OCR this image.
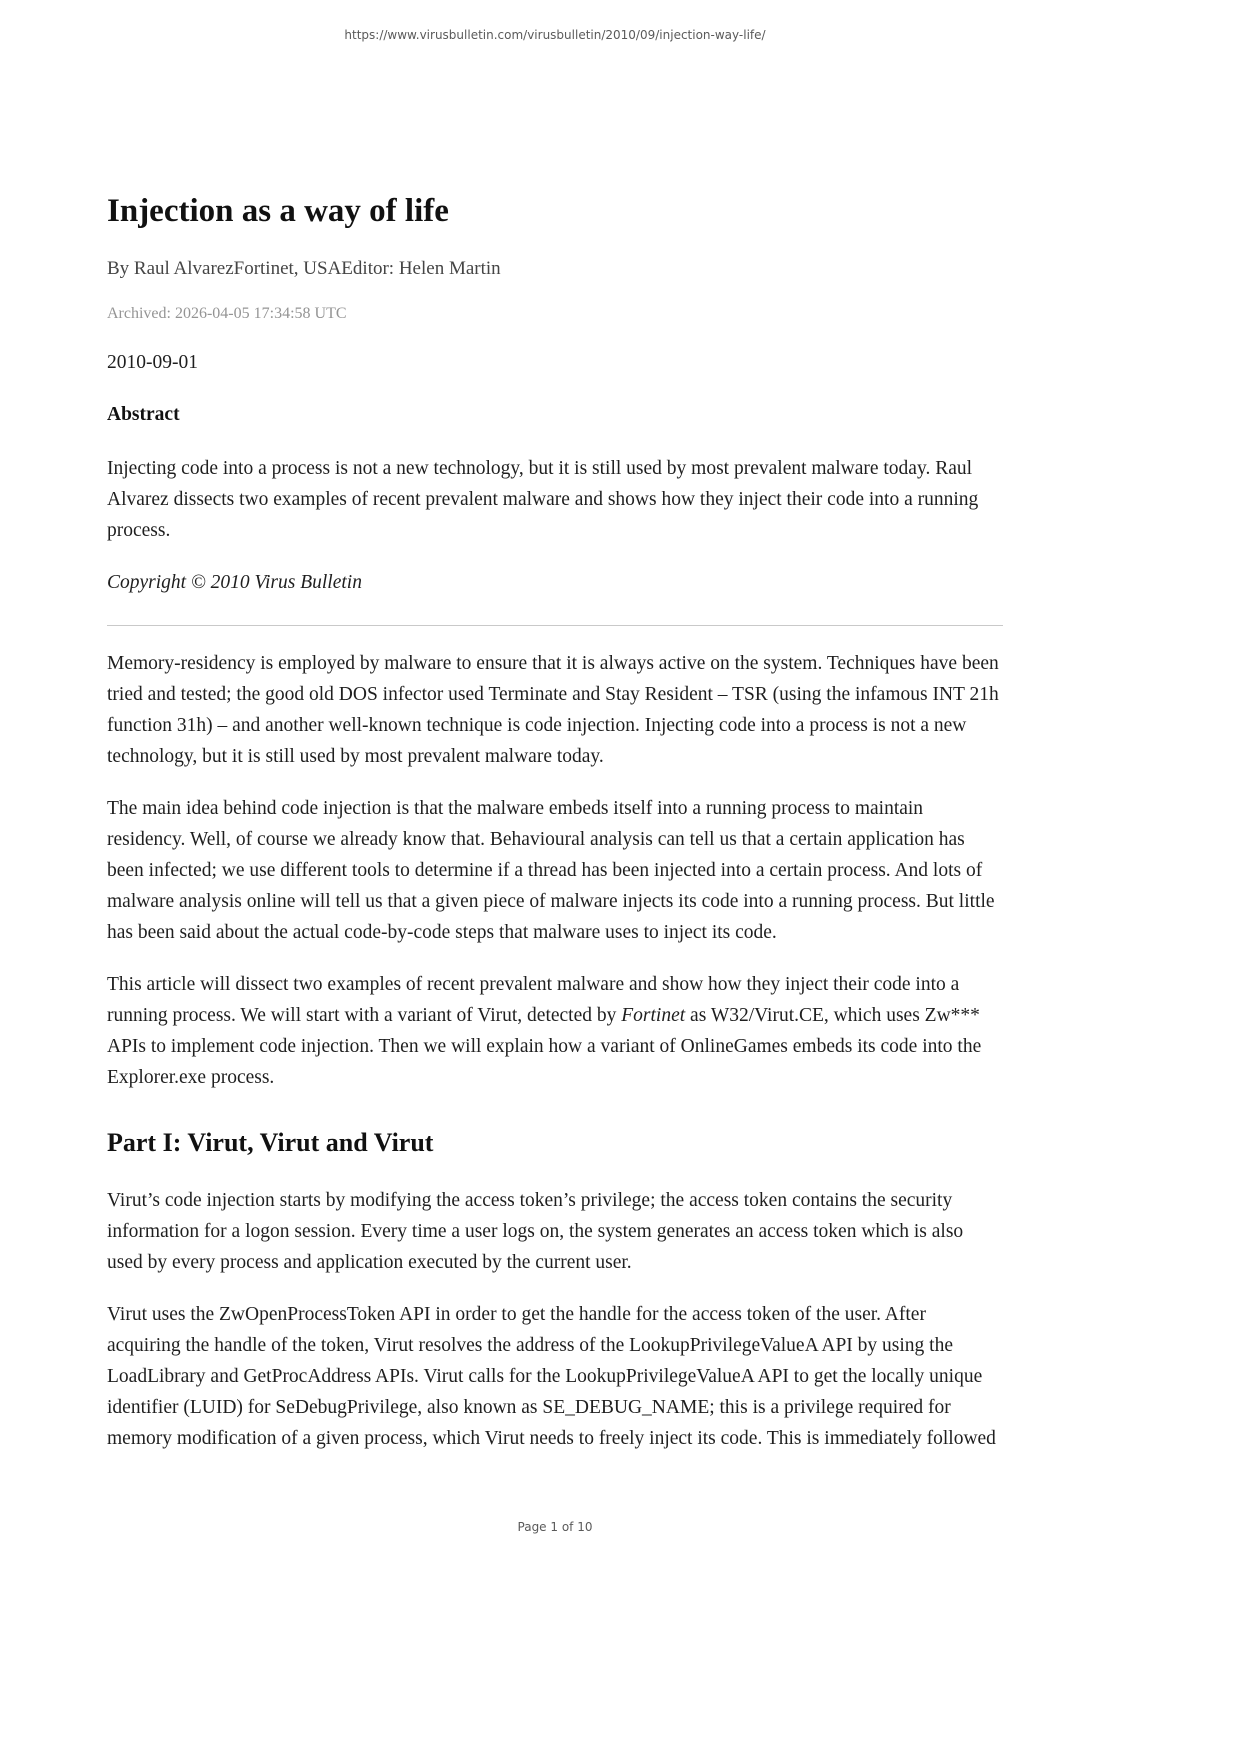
https://www.virusbulletin.com/virusbulletin/2010/09/injection-way-life/
Injection as a way of life
By Raul AlvarezFortinet, USAEditor: Helen Martin
Archived: 2026-04-05 17:34:58 UTC
2010-09-01
Abstract

Injecting code into a process is not a new technology, but it is still used by most prevalent malware today. Raul Alvarez dissects two examples of recent prevalent malware and shows how they inject their code into a running process.

Copyright © 2010 Virus Bulletin

Memory-residency is employed by malware to ensure that it is always active on the system. Techniques have been tried and tested; the good old DOS infector used Terminate and Stay Resident – TSR (using the infamous INT 21h function 31h) – and another well-known technique is code injection. Injecting code into a process is not a new technology, but it is still used by most prevalent malware today.

The main idea behind code injection is that the malware embeds itself into a running process to maintain residency. Well, of course we already know that. Behavioural analysis can tell us that a certain application has been infected; we use different tools to determine if a thread has been injected into a certain process. And lots of malware analysis online will tell us that a given piece of malware injects its code into a running process. But little has been said about the actual code-by-code steps that malware uses to inject its code.

This article will dissect two examples of recent prevalent malware and show how they inject their code into a running process. We will start with a variant of Virut, detected by Fortinet as W32/Virut.CE, which uses Zw*** APIs to implement code injection. Then we will explain how a variant of OnlineGames embeds its code into the Explorer.exe process.

Part I: Virut, Virut and Virut

Virut’s code injection starts by modifying the access token’s privilege; the access token contains the security information for a logon session. Every time a user logs on, the system generates an access token which is also used by every process and application executed by the current user.

Virut uses the ZwOpenProcessToken API in order to get the handle for the access token of the user. After acquiring the handle of the token, Virut resolves the address of the LookupPrivilegeValueA API by using the LoadLibrary and GetProcAddress APIs. Virut calls for the LookupPrivilegeValueA API to get the locally unique identifier (LUID) for SeDebugPrivilege, also known as SE_DEBUG_NAME; this is a privilege required for memory modification of a given process, which Virut needs to freely inject its code. This is immediately followed

Page 1 of 10
